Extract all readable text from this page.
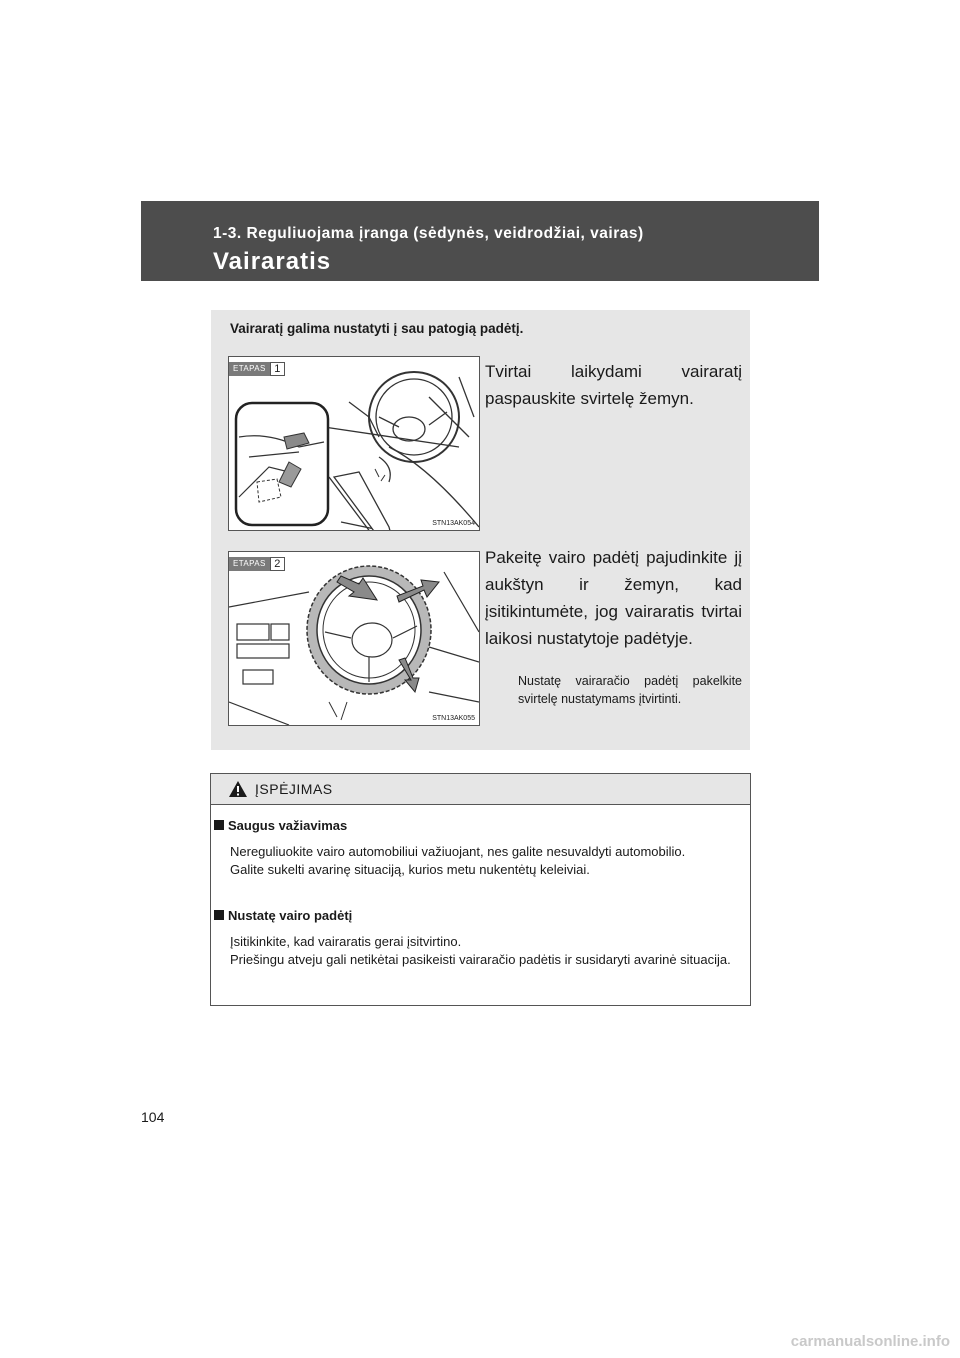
1-3. Reguliuojama įranga (sėdynės, veidrodžiai, vairas)
Vairaratis
Vairaratį galima nustatyti į sau patogią padėtį.
ETAPAS 1
STN13AK054
Tvirtai laikydami vairaratį paspauskite svirtelę žemyn.
ETAPAS 2
STN13AK055
Pakeitę vairo padėtį pajudinkite jį aukštyn ir žemyn, kad įsitikintumėte, jog vairaratis tvirtai laikosi nustatytoje padėtyje.
Nustatę vairaračio padėtį pakelkite svirtelę nustatymams įtvirtinti.
ĮSPĖJIMAS
Saugus važiavimas
Nereguliuokite vairo automobiliui važiuojant, nes galite nesuvaldyti automobilio.
Galite sukelti avarinę situaciją, kurios metu nukentėtų keleiviai.
Nustatę vairo padėtį
Įsitikinkite, kad vairaratis gerai įsitvirtino.
Priešingu atveju gali netikėtai pasikeisti vairaračio padėtis ir susidaryti avarinė situacija.
104
carmanualsonline.info
